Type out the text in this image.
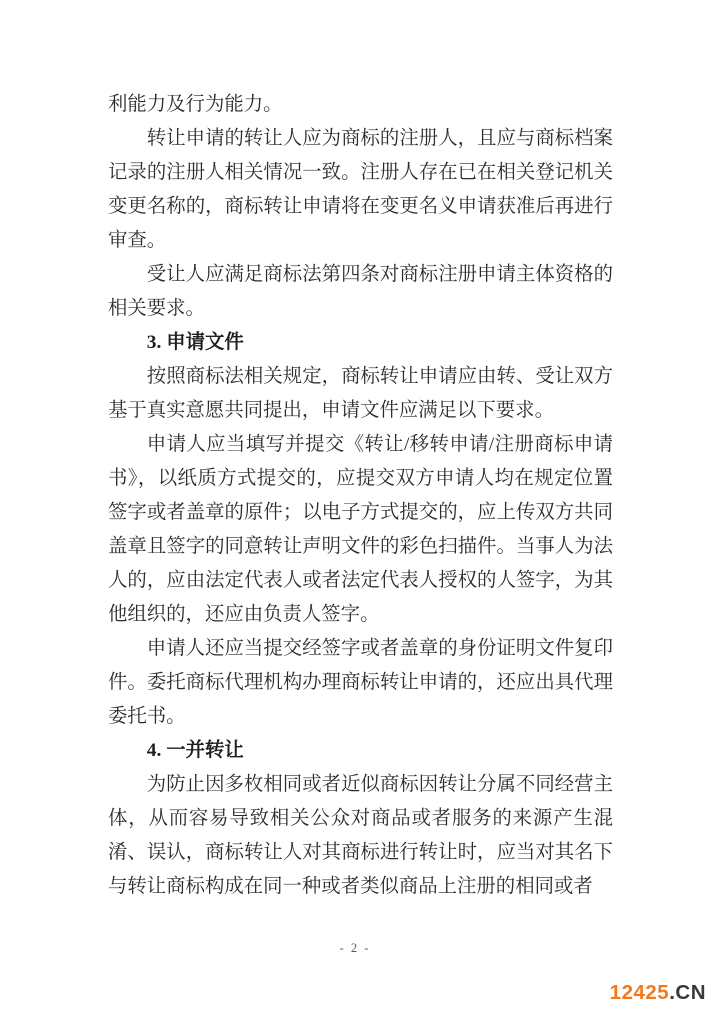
利能力及行为能力。

转让申请的转让人应为商标的注册人，且应与商标档案记录的注册人相关情况一致。注册人存在已在相关登记机关变更名称的，商标转让申请将在变更名义申请获准后再进行审查。

受让人应满足商标法第四条对商标注册申请主体资格的相关要求。

3. 申请文件

按照商标法相关规定，商标转让申请应由转、受让双方基于真实意愿共同提出，申请文件应满足以下要求。

申请人应当填写并提交《转让/移转申请/注册商标申请书》，以纸质方式提交的，应提交双方申请人均在规定位置签字或者盖章的原件；以电子方式提交的，应上传双方共同盖章且签字的同意转让声明文件的彩色扫描件。当事人为法人的，应由法定代表人或者法定代表人授权的人签字，为其他组织的，还应由负责人签字。

申请人还应当提交经签字或者盖章的身份证明文件复印件。委托商标代理机构办理商标转让申请的，还应出具代理委托书。

4. 一并转让

为防止因多枚相同或者近似商标因转让分属不同经营主体，从而容易导致相关公众对商品或者服务的来源产生混淆、误认，商标转让人对其商标进行转让时，应当对其名下与转让商标构成在同一种或者类似商品上注册的相同或者

- 2 -
12425.CN
